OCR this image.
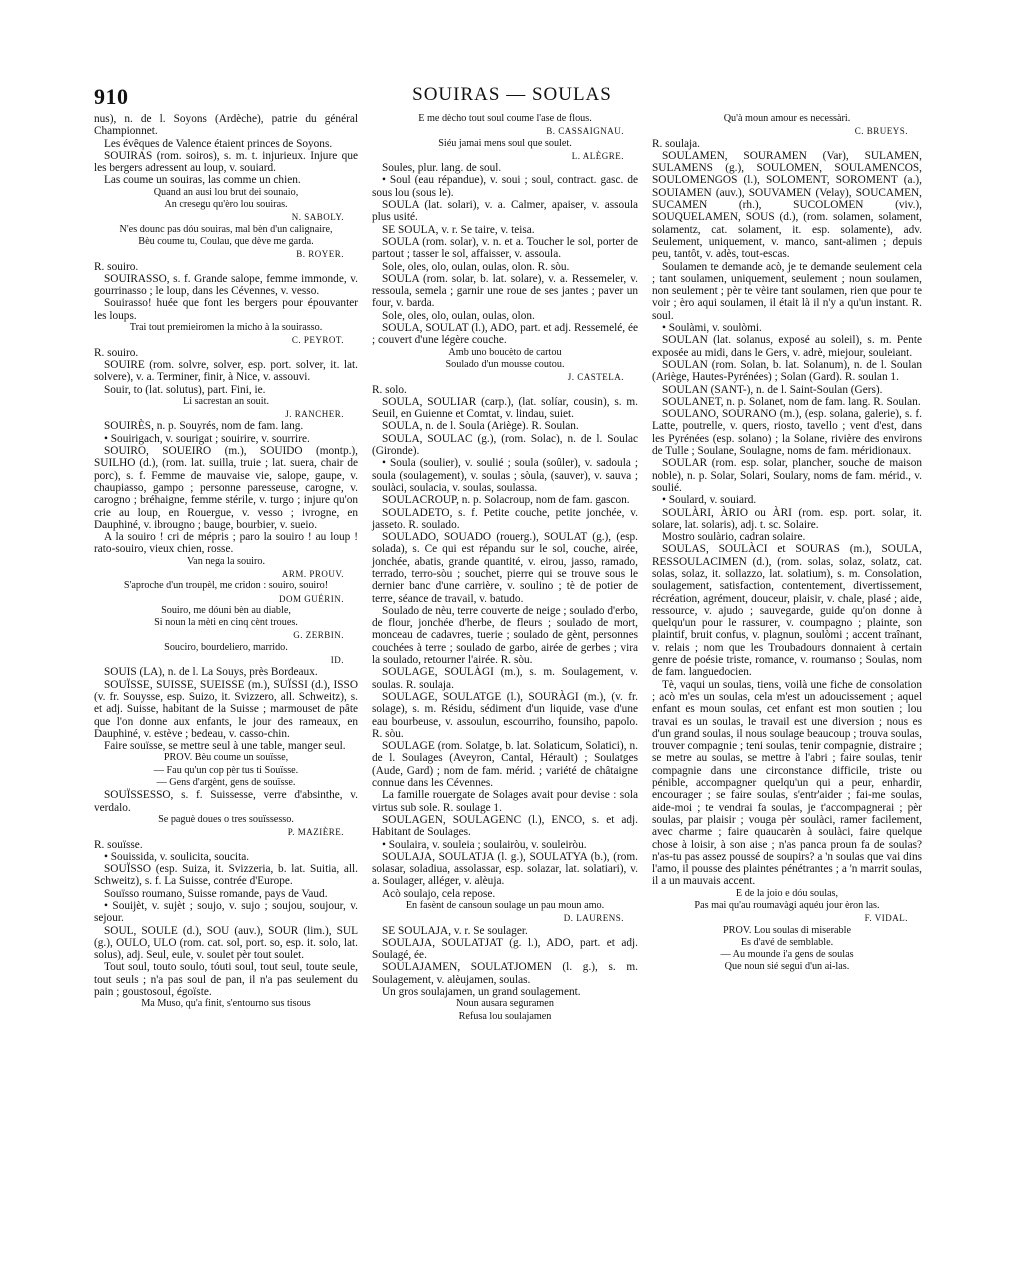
910	SOUIRAS — SOULAS

nus), n. de l. Soyons (Ardèche), patrie du général Championnet.

Les évêques de Valence étaient princes de Soyons.

SOUIRAS (rom. soiros), s. m. t. injurieux. Injure que les bergers adressent au loup, v. souiard.

Las coume un souiras, las comme un chien.

Quand an ausi lou brut dei sounaio,

An cresegu qu'èro lou souiras.

N. SABOLY.

N'es dounc pas dóu souiras, mal bèn d'un calignaire,

Bèu coume tu, Coulau, que dève me garda.

B. ROYER.

R. souiro.

SOUIRASSO, s. f. Grande salope, femme immonde, v. gourrinasso ; le loup, dans les Cévennes, v. vesso.

Souirasso! huée que font les bergers pour épouvanter les loups.

Trai tout premieiromen la micho à la souirasso.

C. PEYROT.

R. souiro.

SOUIRE (rom. solvre, solver, esp. port. solver, it. lat. solvere), v. a. Terminer, finir, à Nice, v. assouvi.

Souir, to (lat. solutus), part. Fini, ie.

Li sacrestan an souit.

J. RANCHER.

SOUIRÈS, n. p. Souyrés, nom de fam. lang.

• Souirigach, v. sourigat ; souirire, v. sourrire.

SOUIRO, SOUEIRO (m.), SOUIDO (montp.), SUILHO (d.), (rom. lat. suilla, truie ; lat. suera, chair de porc), s. f. Femme de mauvaise vie, salope, gaupe, v. chaupiasso, gampo ; personne paresseuse, carogne, v. carogno ; bréhaigne, femme stérile, v. turgo ; injure qu'on crie au loup, en Rouergue, v. vesso ; ivrogne, en Dauphiné, v. ibrougno ; bauge, bourbier, v. sueio.

A la souiro ! cri de mépris ; paro la souiro ! au loup ! rato-souiro, vieux chien, rosse.

Van nega la souiro.

ARM. PROUV.

S'aproche d'un troupèl, me cridon : souiro, souiro!

DOM GUÉRIN.

Souiro, me dóuni bèn au diable,

Si noun la mèti en cinq cènt troues.

G. ZERBIN.

Souciro, bourdeliero, marrido.

ID.

SOUIS (LA), n. de l. La Souys, près Bordeaux.

SOUÏSSE, SUISSE, SUEISSE (m.), SUÏSSI (d.), ISSO (v. fr. Souysse, esp. Suizo, it. Svizzero, all. Schweitz), s. et adj. Suisse, habitant de la Suisse ; marmouset de pâte que l'on donne aux enfants, le jour des rameaux, en Dauphiné, v. estève ; bedeau, v. casso-chin.

Faire souïsse, se mettre seul à une table, manger seul.

PROV. Bèu coume un souïsse,

— Fau qu'un cop pèr tus ti Souïsse.

— Gens d'argènt, gens de souïsse.

SOUÏSSESSO, s. f. Suissesse, verre d'absinthe, v. verdalo.

Se paguè doues o tres souïssesso.

P. MAZIÈRE.

R. souïsse.

• Souissida, v. soulicita, soucita.

SOUÏSSO (esp. Suiza, it. Svizzeria, b. lat. Suitia, all. Schweitz), s. f. La Suisse, contrée d'Europe.

Souïsso roumano, Suisse romande, pays de Vaud.

• Souijèt, v. sujèt ; soujo, v. sujo ; soujou, soujour, v. sejour.

SOUL, SOULE (d.), SOU (auv.), SOUR (lim.), SUL (g.), OULO, ULO (rom. cat. sol, port. so, esp. it. solo, lat. solus), adj. Seul, eule, v. soulet pèr tout soulet.

Tout soul, touto soulo, tóuti soul, tout seul, toute seule, tout seuls ; n'a pas soul de pan, il n'a pas seulement du pain ; goustosoul, égoïste.

Ma Muso, qu'a finit, s'entourno sus tisous

E me dècho tout soul coume l'ase de flous.

B. CASSAIGNAU.

Siéu jamai mens soul que soulet.

L. ALÈGRE.

Soules, plur. lang. de soul.

• Soul (eau répandue), v. soui ; soul, contract. gasc. de sous lou (sous le).

SOULA (lat. solari), v. a. Calmer, apaiser, v. assoula plus usité.

SE SOULA, v. r. Se taire, v. teisa.

SOULA (rom. solar), v. n. et a. Toucher le sol, porter de partout ; tasser le sol, affaisser, v. assoula.

Sole, oles, olo, oulan, oulas, olon. R. sòu.

SOULA (rom. solar, b. lat. solare), v. a. Ressemeler, v. ressoula, semela ; garnir une roue de ses jantes ; paver un four, v. barda.

Sole, oles, olo, oulan, oulas, olon.

SOULA, SOULAT (l.), ADO, part. et adj. Ressemelé, ée ; couvert d'une légère couche.

Amb uno boucèto de cartou

Soulado d'un mousse coutou.

J. CASTELA.

R. solo.

SOULA, SOULIAR (carp.), (lat. solíar, cousin), s. m. Seuil, en Guienne et Comtat, v. lindau, suiet.

SOULA, n. de l. Soula (Ariège). R. Soulan.

SOULA, SOULAC (g.), (rom. Solac), n. de l. Soulac (Gironde).

• Soula (soulier), v. soulié ; soula (soûler), v. sadoula ; soula (soulagement), v. soulas ; sòula, (sauver), v. sauva ; soulàci, soulacia, v. soulas, soulassa.

SOULACROUP, n. p. Solacroup, nom de fam. gascon.

SOULADETO, s. f. Petite couche, petite jonchée, v. jasseto. R. soulado.

SOULADO, SOUADO (rouerg.), SOULAT (g.), (esp. solada), s. Ce qui est répandu sur le sol, couche, airée, jonchée, abatis, grande quantité, v. eirou, jasso, ramado, terrado, terro-sòu ; souchet, pierre qui se trouve sous le dernier banc d'une carrière, v. soulino ; tè de potier de terre, séance de travail, v. batudo.

Soulado de nèu, terre couverte de neige ; soulado d'erbo, de flour, jonchée d'herbe, de fleurs ; soulado de mort, monceau de cadavres, tuerie ; soulado de gènt, personnes couchées à terre ; soulado de garbo, airée de gerbes ; vira la soulado, retourner l'airée. R. sòu.

SOULAGE, SOULÀGI (m.), s. m. Soulagement, v. soulas. R. soulaja.

SOULAGE, SOULATGE (l.), SOURÀGI (m.), (v. fr. solage), s. m. Résidu, sédiment d'un liquide, vase d'une eau bourbeuse, v. assoulun, escourriho, founsiho, papolo. R. sòu.

SOULAGE (rom. Solatge, b. lat. Solaticum, Solatici), n. de l. Soulages (Aveyron, Cantal, Hérault) ; Soulatges (Aude, Gard) ; nom de fam. mérid. ; variété de châtaigne connue dans les Cévennes.

La famille rouergate de Solages avait pour devise : sola virtus sub sole. R. soulage 1.

SOULAGEN, SOULAGENC (l.), ENCO, s. et adj. Habitant de Soulages.

• Soulaira, v. souleia ; soulairòu, v. souleiròu.

SOULAJA, SOULATJA (l. g.), SOULATYA (b.), (rom. solasar, soladiua, assolassar, esp. solazar, lat. solatiari), v. a. Soulager, alléger, v. alèuja.

Acò soulajo, cela repose.

En fasènt de cansoun soulage un pau moun amo.

D. LAURENS.

SE SOULAJA, v. r. Se soulager.

SOULAJA, SOULATJAT (g. l.), ADO, part. et adj. Soulagé, ée.

SOULAJAMEN, SOULATJOMEN (l. g.), s. m. Soulagement, v. alèujamen, soulas.

Un gros soulajamen, un grand soulagement.

Noun ausara seguramen

Refusa lou soulajamen

Qu'à moun amour es necessàri.

C. BRUEYS.

R. soulaja.

SOULAMEN, SOURAMEN (Var), SULAMEN, SULAMENS (g.), SOULOMEN, SOULAMENCOS, SOULOMENGOS (l.), SOLOMENT, SOROMENT (a.), SOUIAMEN (auv.), SOUVAMEN (Velay), SOUCAMEN, SUCAMEN (rh.), SUCOLOMEN (viv.), SOUQUELAMEN, SOUS (d.), (rom. solamen, solament, solamentz, cat. solament, it. esp. solamente), adv. Seulement, uniquement, v. manco, sant-alimen ; depuis peu, tantôt, v. adès, tout-escas.

Soulamen te demande acò, je te demande seulement cela ; tant soulamen, uniquement, seulement ; noun soulamen, non seulement ; pèr te vèire tant soulamen, rien que pour te voir ; èro aqui soulamen, il était là il n'y a qu'un instant. R. soul.

• Soulàmi, v. soulòmi.

SOULAN (lat. solanus, exposé au soleil), s. m. Pente exposée au midi, dans le Gers, v. adrè, miejour, souleiant.

SOULAN (rom. Solan, b. lat. Solanum), n. de l. Soulan (Ariège, Hautes-Pyrénées) ; Solan (Gard). R. soulan 1.

SOULAN (SANT-), n. de l. Saint-Soulan (Gers).

SOULANET, n. p. Solanet, nom de fam. lang. R. Soulan.

SOULANO, SOURANO (m.), (esp. solana, galerie), s. f. Latte, poutrelle, v. quers, riosto, tavello ; vent d'est, dans les Pyrénées (esp. solano) ; la Solane, rivière des environs de Tulle ; Soulane, Soulagne, noms de fam. méridionaux.

SOULAR (rom. esp. solar, plancher, souche de maison noble), n. p. Solar, Solari, Soulary, noms de fam. mérid., v. soulié.

• Soulard, v. souiard.

SOULÀRI, ÀRIO ou ÀRI (rom. esp. port. solar, it. solare, lat. solaris), adj. t. sc. Solaire.

Mostro soulàrio, cadran solaire.

SOULAS, SOULÀCI et SOURAS (m.), SOULA, RESSOULACIMEN (d.), (rom. solas, solaz, solatz, cat. solas, solaz, it. sollazzo, lat. solatium), s. m. Consolation, soulagement, satisfaction, contentement, divertissement, récréation, agrément, douceur, plaisir, v. chale, plasé ; aide, ressource, v. ajudo ; sauvegarde, guide qu'on donne à quelqu'un pour le rassurer, v. coumpagno ; plainte, son plaintif, bruit confus, v. plagnun, soulòmi ; accent traînant, v. relais ; nom que les Troubadours donnaient à certain genre de poésie triste, romance, v. roumanso ; Soulas, nom de fam. languedocien.

Tè, vaqui un soulas, tiens, voilà une fiche de consolation ; acò m'es un soulas, cela m'est un adoucissement ; aquel enfant es moun soulas, cet enfant est mon soutien ; lou travai es un soulas, le travail est une diversion ; nous es d'un grand soulas, il nous soulage beaucoup ; trouva soulas, trouver compagnie ; teni soulas, tenir compagnie, distraire ; se metre au soulas, se mettre à l'abri ; faire soulas, tenir compagnie dans une circonstance difficile, triste ou pénible, accompagner quelqu'un qui a peur, enhardir, encourager ; se faire soulas, s'entr'aider ; fai-me soulas, aide-moi ; te vendrai fa soulas, je t'accompagnerai ; pèr soulas, par plaisir ; vouga pèr soulàci, ramer facilement, avec charme ; faire quaucarèn à soulàci, faire quelque chose à loisir, à son aise ; n'as panca proun fa de soulas? n'as-tu pas assez poussé de soupirs? a 'n soulas que vai dins l'amo, il pousse des plaintes pénétrantes ; a 'n marrit soulas, il a un mauvais accent.

E de la joio e dóu soulas,

Pas mai qu'au roumavàgi aquéu jour èron las.

F. VIDAL.

PROV. Lou soulas di miserable

Es d'avé de semblable.

— Au mounde i'a gens de soulas

Que noun sié segui d'un ai-las.
